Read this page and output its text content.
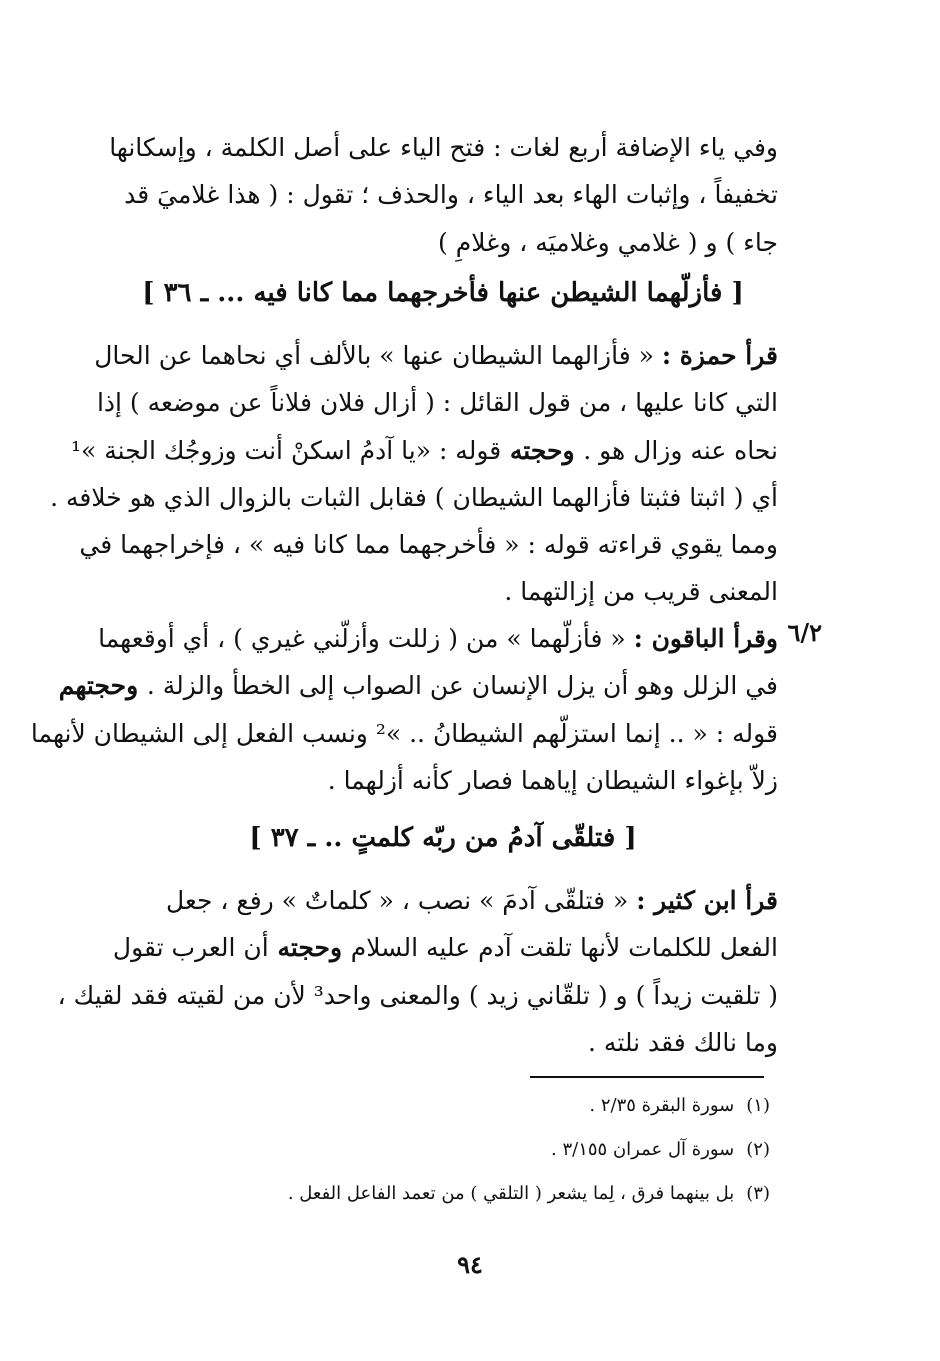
وفي ياء الإضافة أربع لغات : فتح الياء على أصل الكلمة ، وإسكانها
تخفيفاً ، وإثبات الهاء بعد الياء ، والحذف ؛ تقول : ( هذا غلاميَ قد
جاء ) و ( غلامي وغلاميَه ، وغلامِ )
[ فأزلّهما الشيطن عنها فأخرجهما مما كانا فيه ... ـ ٣٦ ]
قرأ حمزة : « فأزالهما الشيطان عنها » بالألف أي نحاهما عن الحال
التي كانا عليها ، من قول القائل : ( أزال فلان فلاناً عن موضعه ) إذا
نحاه عنه وزال هو . وحجته قوله : «يا آدمُ اسكنْ أنت وزوجُك الجنة »¹
أي ( اثبتا فثبتا فأزالهما الشيطان ) فقابل الثبات بالزوال الذي هو خلافه .
ومما يقوي قراءته قوله : « فأخرجهما مما كانا فيه » ، فإخراجهما في
المعنى قريب من إزالتهما .
٦/٢
وقرأ الباقون : « فأزلّهما » من ( زللت وأزلّني غيري ) ، أي أوقعهما
في الزلل وهو أن يزل الإنسان عن الصواب إلى الخطأ والزلة . وحجتهم
قوله : « .. إنما استزلّهم الشيطانُ .. »² ونسب الفعل إلى الشيطان لأنهما
زلاّ بإغواء الشيطان إياهما فصار كأنه أزلهما .
[ فتلقّى آدمُ من ربّه كلمتٍ .. ـ ٣٧ ]
قرأ ابن كثير : « فتلقّى آدمَ » نصب ، « كلماتٌ » رفع ، جعل
الفعل للكلمات لأنها تلقت آدم عليه السلام وحجته أن العرب تقول
( تلقيت زيداً ) و ( تلقّاني زيد ) والمعنى واحد³ لأن من لقيته فقد لقيك ،
وما نالك فقد نلته .
(١)سورة البقرة ٢/٣٥ .
(٢)سورة آل عمران ٣/١٥٥ .
(٣)بل بينهما فرق ، لِما يشعر ( التلقي ) من تعمد الفاعل الفعل .
٩٤
